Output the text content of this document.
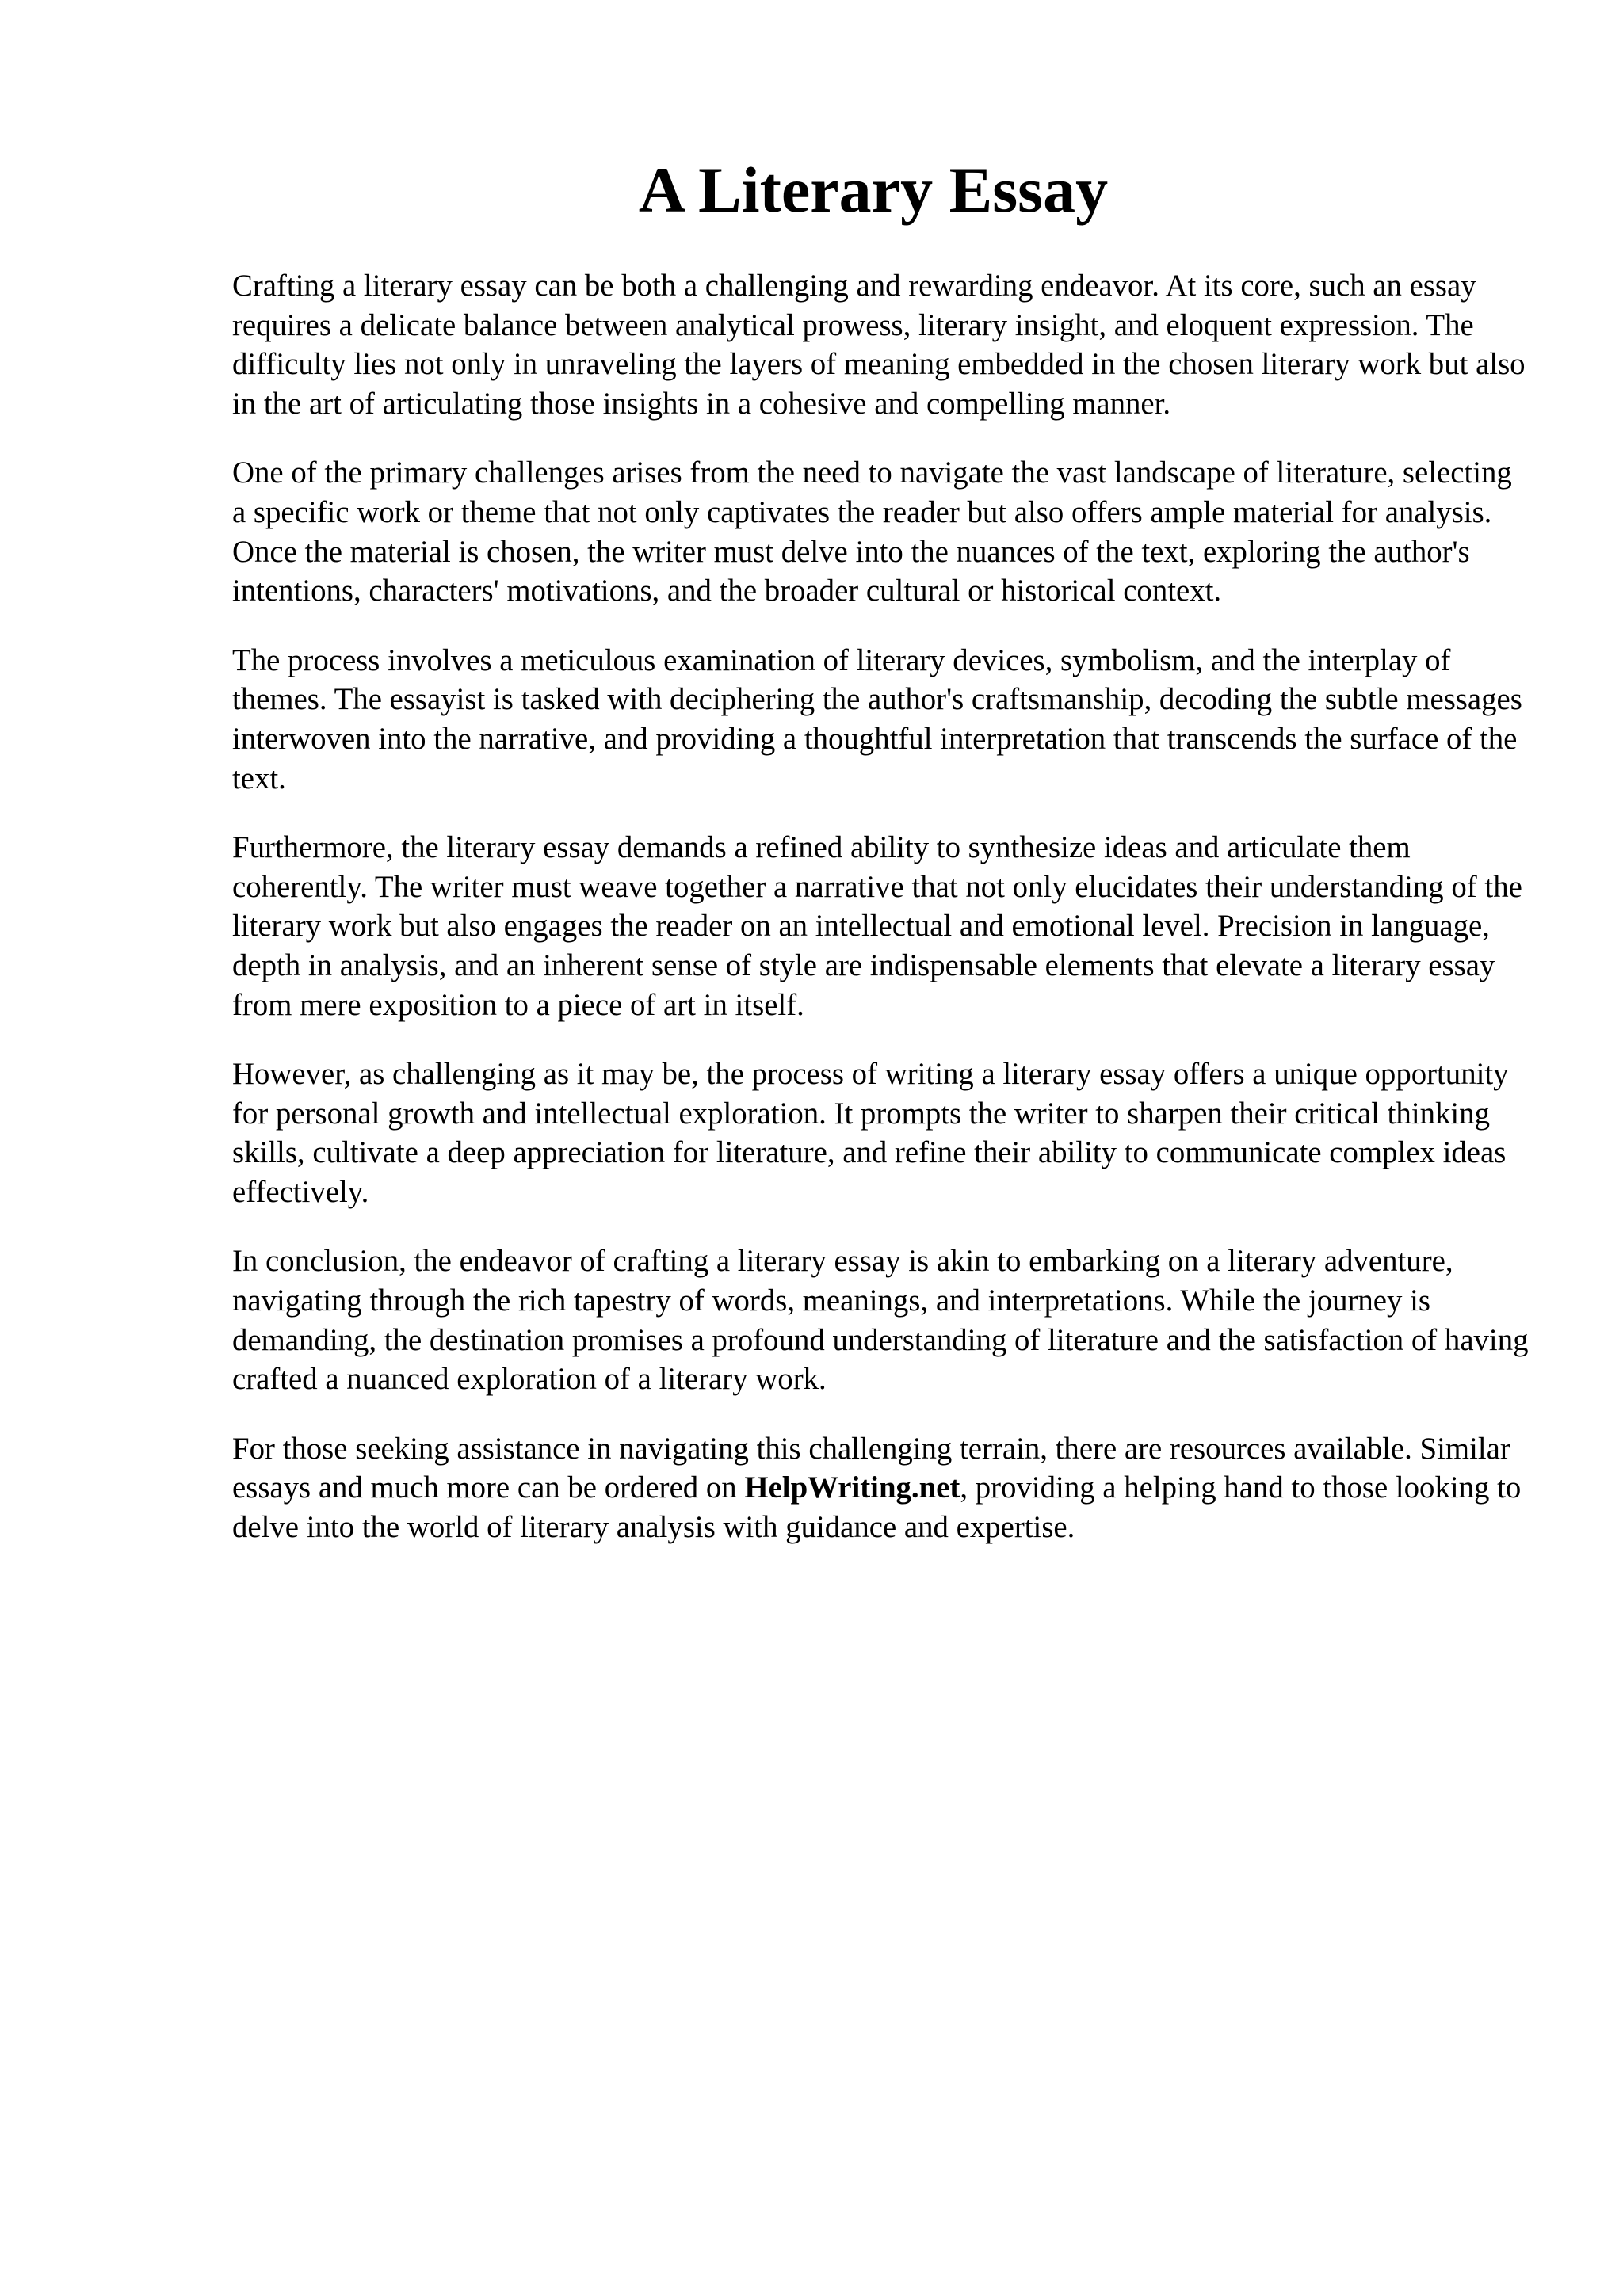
A Literary Essay

Crafting a literary essay can be both a challenging and rewarding endeavor. At its core, such an essay requires a delicate balance between analytical prowess, literary insight, and eloquent expression. The difficulty lies not only in unraveling the layers of meaning embedded in the chosen literary work but also in the art of articulating those insights in a cohesive and compelling manner.

One of the primary challenges arises from the need to navigate the vast landscape of literature, selecting a specific work or theme that not only captivates the reader but also offers ample material for analysis. Once the material is chosen, the writer must delve into the nuances of the text, exploring the author's intentions, characters' motivations, and the broader cultural or historical context.

The process involves a meticulous examination of literary devices, symbolism, and the interplay of themes. The essayist is tasked with deciphering the author's craftsmanship, decoding the subtle messages interwoven into the narrative, and providing a thoughtful interpretation that transcends the surface of the text.

Furthermore, the literary essay demands a refined ability to synthesize ideas and articulate them coherently. The writer must weave together a narrative that not only elucidates their understanding of the literary work but also engages the reader on an intellectual and emotional level. Precision in language, depth in analysis, and an inherent sense of style are indispensable elements that elevate a literary essay from mere exposition to a piece of art in itself.

However, as challenging as it may be, the process of writing a literary essay offers a unique opportunity for personal growth and intellectual exploration. It prompts the writer to sharpen their critical thinking skills, cultivate a deep appreciation for literature, and refine their ability to communicate complex ideas effectively.

In conclusion, the endeavor of crafting a literary essay is akin to embarking on a literary adventure, navigating through the rich tapestry of words, meanings, and interpretations. While the journey is demanding, the destination promises a profound understanding of literature and the satisfaction of having crafted a nuanced exploration of a literary work.

For those seeking assistance in navigating this challenging terrain, there are resources available. Similar essays and much more can be ordered on HelpWriting.net, providing a helping hand to those looking to delve into the world of literary analysis with guidance and expertise.
